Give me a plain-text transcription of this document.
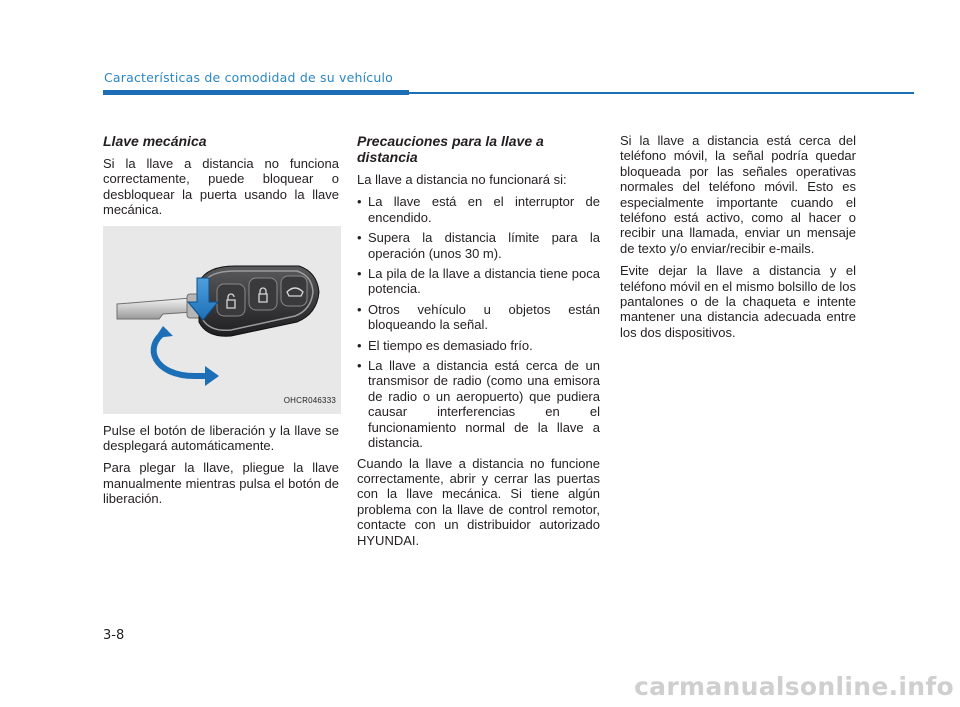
Características de comodidad de su vehículo
Llave mecánica

Si la llave a distancia no funciona correctamente, puede bloquear o desbloquear la puerta usando la llave mecánica.

OHCR046333

Pulse el botón de liberación y la llave se desplegará automáticamente.

Para plegar la llave, pliegue la llave manualmente mientras pulsa el botón de liberación.

Precauciones para la llave a distancia

La llave a distancia no funcionará si:

• La llave está en el interruptor de encendido.
• Supera la distancia límite para la operación (unos 30 m).
• La pila de la llave a distancia tiene poca potencia.
• Otros vehículo u objetos están bloqueando la señal.
• El tiempo es demasiado frío.
• La llave a distancia está cerca de un transmisor de radio (como una emisora de radio o un aeropuerto) que pudiera causar interferencias en el funcionamiento normal de la llave a distancia.

Cuando la llave a distancia no funcione correctamente, abrir y cerrar las puertas con la llave mecánica. Si tiene algún problema con la llave de control remotor, contacte con un distribuidor autorizado HYUNDAI.

Si la llave a distancia está cerca del teléfono móvil, la señal podría quedar bloqueada por las señales operativas normales del teléfono móvil. Esto es especialmente importante cuando el teléfono está activo, como al hacer o recibir una llamada, enviar un mensaje de texto y/o enviar/recibir e-mails.

Evite dejar la llave a distancia y el teléfono móvil en el mismo bolsillo de los pantalones o de la chaqueta e intente mantener una distancia adecuada entre los dos dispositivos.

3-8
carmanualsonline.info
